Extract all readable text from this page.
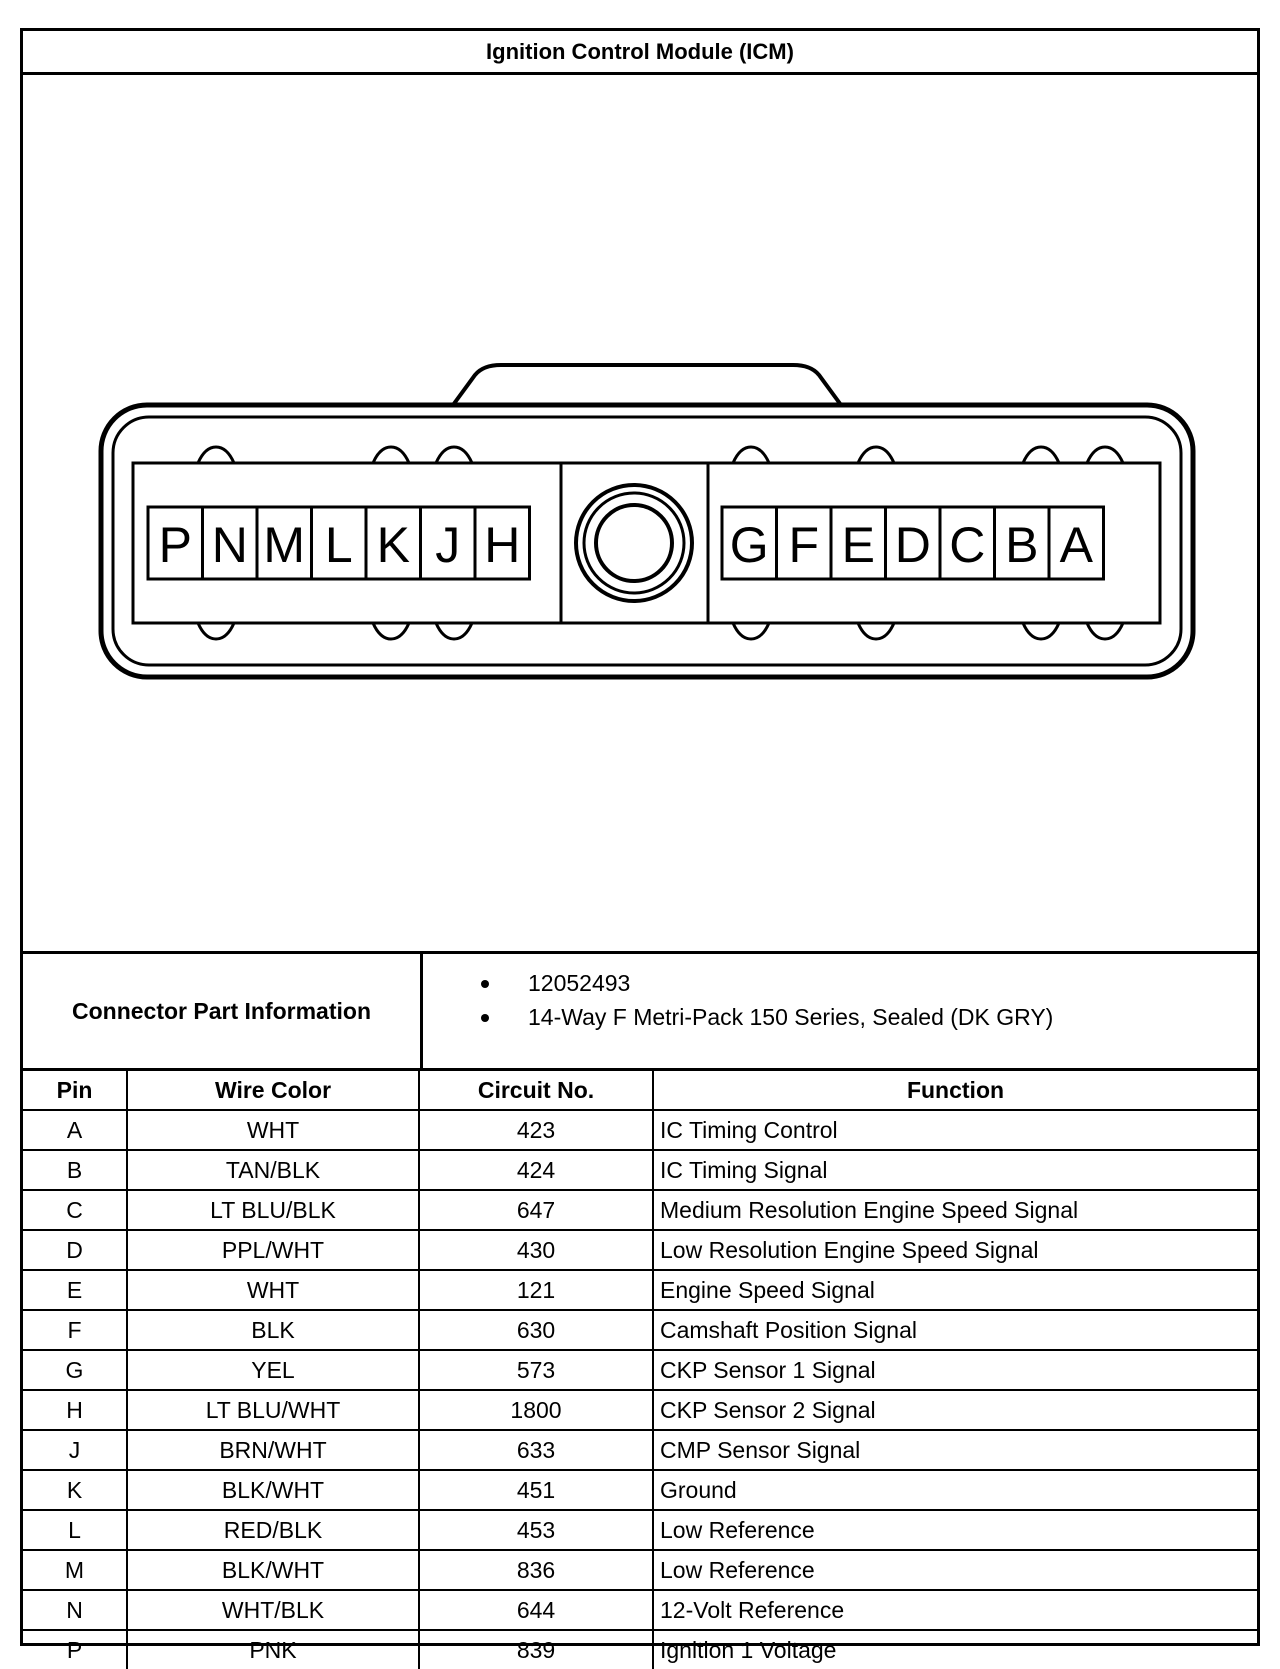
Ignition Control Module (ICM)
P N M L K J H	G F E D C B A
Connector Part Information
12052493
14-Way F Metri-Pack 150 Series, Sealed (DK GRY)
Pin	Wire Color	Circuit No.	Function
A	WHT	423	IC Timing Control
B	TAN/BLK	424	IC Timing Signal
C	LT BLU/BLK	647	Medium Resolution Engine Speed Signal
D	PPL/WHT	430	Low Resolution Engine Speed Signal
E	WHT	121	Engine Speed Signal
F	BLK	630	Camshaft Position Signal
G	YEL	573	CKP Sensor 1 Signal
H	LT BLU/WHT	1800	CKP Sensor 2 Signal
J	BRN/WHT	633	CMP Sensor Signal
K	BLK/WHT	451	Ground
L	RED/BLK	453	Low Reference
M	BLK/WHT	836	Low Reference
N	WHT/BLK	644	12-Volt Reference
P	PNK	839	Ignition 1 Voltage
